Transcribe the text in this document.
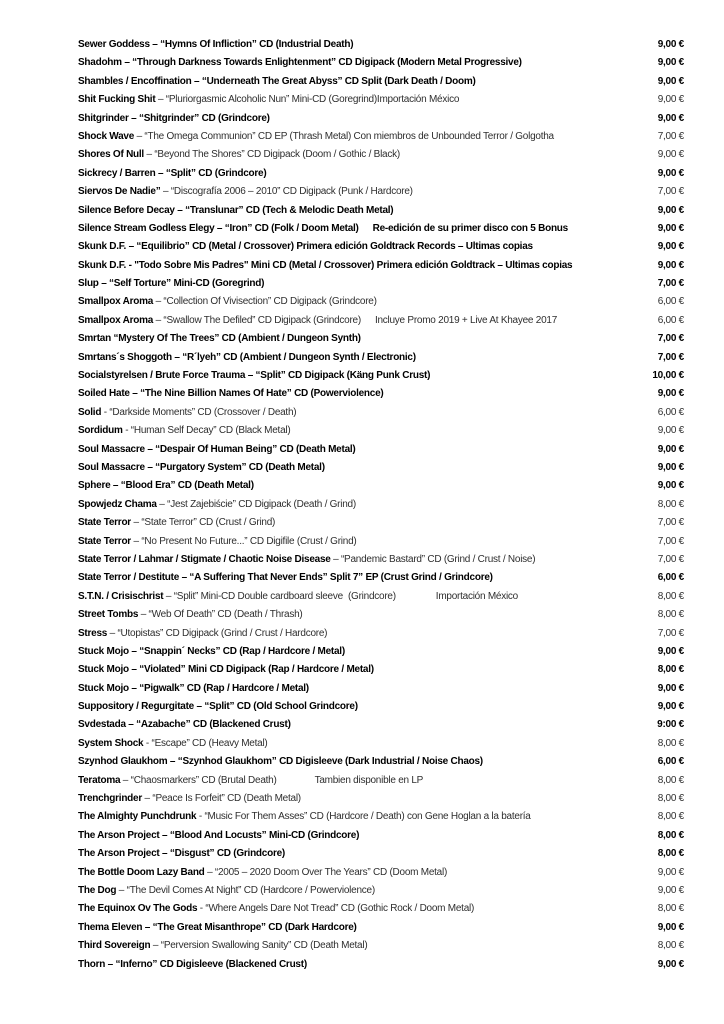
Sewer Goddess – “Hymns Of Infliction” CD (Industrial Death)	9,00 €
Shadohm – “Through Darkness Towards Enlightenment” CD Digipack (Modern Metal Progressive)	9,00 €
Shambles / Encoffination – “Underneath The Great Abyss” CD Split (Dark Death / Doom)	9,00 €
Shit Fucking Shit – “Pluriorgasmic Alcoholic Nun” Mini-CD (Goregrind)Importación México	9,00 €
Shitgrinder – “Shitgrinder” CD (Grindcore)	9,00 €
Shock Wave – “The Omega Communion” CD EP (Thrash Metal) Con miembros de Unbounded Terror / Golgotha	7,00 €
Shores Of Null – “Beyond The Shores” CD Digipack (Doom / Gothic / Black)	9,00 €
Sickrecy / Barren – “Split” CD (Grindcore)	9,00 €
Siervos De Nadie” – “Discografía 2006 – 2010” CD Digipack (Punk / Hardcore)	7,00 €
Silence Before Decay – “Translunar” CD (Tech & Melodic Death Metal)	9,00 €
Silence Stream Godless Elegy – “Iron” CD (Folk / Doom Metal) Re-edición de su primer disco con 5 Bonus	9,00 €
Skunk D.F. – “Equilibrio” CD (Metal / Crossover) Primera edición Goldtrack Records – Ultimas copias	9,00 €
Skunk D.F. - "Todo Sobre Mis Padres" Mini CD (Metal / Crossover) Primera edición Goldtrack – Ultimas copias	9,00 €
Slup – “Self Torture” Mini-CD (Goregrind)	7,00 €
Smallpox Aroma – “Collection Of Vivisection” CD Digipack (Grindcore)	6,00 €
Smallpox Aroma – “Swallow The Defiled” CD Digipack (Grindcore) Incluye Promo 2019 + Live At Khayee 2017	6,00 €
Smrtan “Mystery Of The Trees” CD (Ambient / Dungeon Synth)	7,00 €
Smrtans´s Shoggoth – “R´lyeh” CD (Ambient / Dungeon Synth / Electronic)	7,00 €
Socialstyrelsen / Brute Force Trauma – “Split” CD Digipack (Käng Punk Crust)	10,00 €
Soiled Hate – “The Nine Billion Names Of Hate” CD (Powerviolence)	9,00 €
Solid - “Darkside Moments” CD (Crossover / Death)	6,00 €
Sordidum - “Human Self Decay” CD (Black Metal)	9,00 €
Soul Massacre – “Despair Of Human Being” CD (Death Metal)	9,00 €
Soul Massacre – “Purgatory System” CD (Death Metal)	9,00 €
Sphere – “Blood Era” CD (Death Metal)	9,00 €
Spowjedz Chama – “Jest Zajebiście” CD Digipack (Death / Grind)	8,00 €
State Terror – “State Terror” CD (Crust / Grind)	7,00 €
State Terror – “No Present No Future...” CD Digifile (Crust / Grind)	7,00 €
State Terror / Lahmar / Stigmate / Chaotic Noise Disease – “Pandemic Bastard” CD (Grind / Crust / Noise)	7,00 €
State Terror / Destitute – “A Suffering That Never Ends” Split 7” EP (Crust Grind / Grindcore)	6,00 €
S.T.N. / Crisischrist – “Split” Mini-CD Double cardboard sleeve  (Grindcore)	Importación México	8,00 €
Street Tombs – “Web Of Death” CD (Death / Thrash)	8,00 €
Stress – “Utopistas” CD Digipack (Grind / Crust / Hardcore)	7,00 €
Stuck Mojo – “Snappin´ Necks” CD (Rap / Hardcore / Metal)	9,00 €
Stuck Mojo – “Violated” Mini CD Digipack (Rap / Hardcore / Metal)	8,00 €
Stuck Mojo – “Pigwalk” CD (Rap / Hardcore / Metal)	9,00 €
Suppository / Regurgitate – “Split” CD (Old School Grindcore)	9,00 €
Svdestada – “Azabache” CD (Blackened Crust)	9:00 €
System Shock - “Escape” CD (Heavy Metal)	8,00 €
Szynhod Glaukhom – “Szynhod Glaukhom” CD Digisleeve (Dark Industrial / Noise Chaos)	6,00 €
Teratoma – “Chaosmarkers” CD (Brutal Death)	Tambien disponible en LP	8,00 €
Trenchgrinder – “Peace Is Forfeit” CD (Death Metal)	8,00 €
The Almighty Punchdrunk - “Music For Them Asses” CD (Hardcore / Death) con Gene Hoglan a la batería	8,00 €
The Arson Project – “Blood And Locusts” Mini-CD (Grindcore)	8,00 €
The Arson Project – “Disgust” CD (Grindcore)	8,00 €
The Bottle Doom Lazy Band – “2005 – 2020 Doom Over The Years” CD (Doom Metal)	9,00 €
The Dog – “The Devil Comes At Night” CD (Hardcore / Powerviolence)	9,00 €
The Equinox Ov The Gods - “Where Angels Dare Not Tread” CD (Gothic Rock / Doom Metal)	8,00 €
Thema Eleven – “The Great Misanthrope” CD (Dark Hardcore)	9,00 €
Third Sovereign – “Perversion Swallowing Sanity” CD (Death Metal)	8,00 €
Thorn – “Inferno” CD Digisleeve (Blackened Crust)	9,00 €
